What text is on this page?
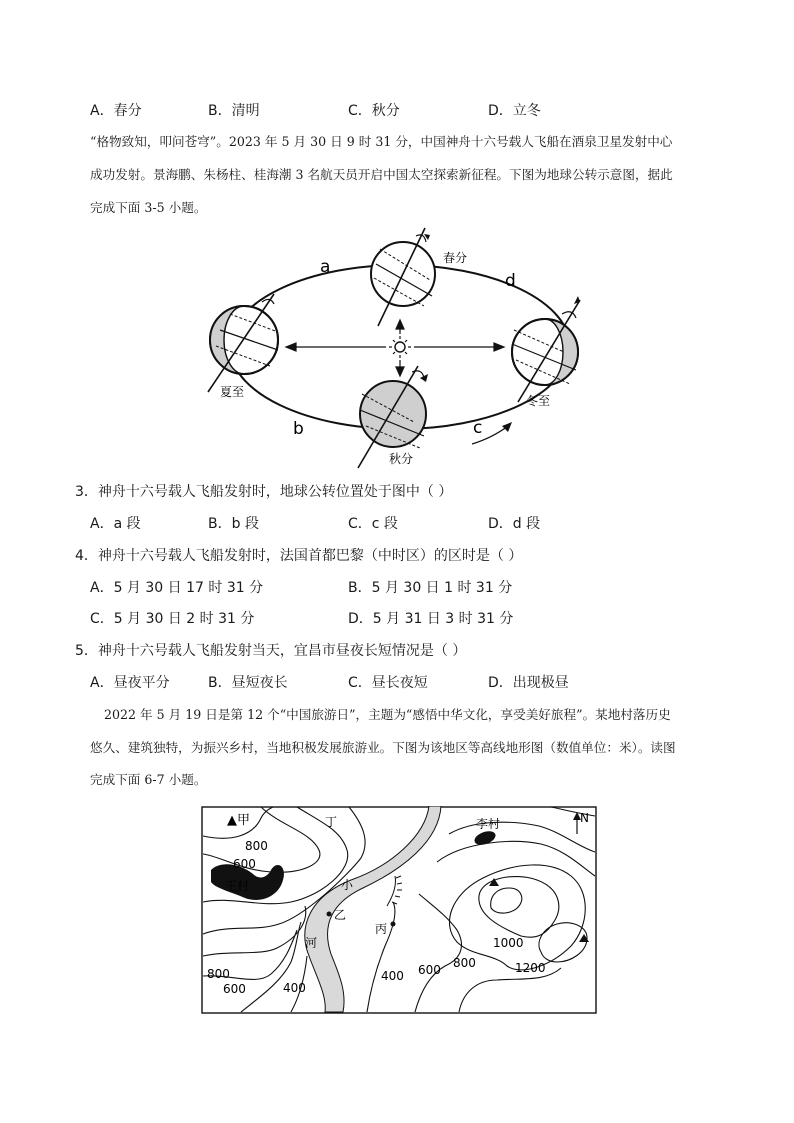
A．春分	B．清明	C．秋分	D．立冬
“格物致知，叩问苍穹”。2023 年 5 月 30 日 9 时 31 分，中国神舟十六号载人飞船在酒泉卫星发射中心
成功发射。景海鹏、朱杨柱、桂海潮 3 名航天员开启中国太空探索新征程。下图为地球公转示意图，据此
完成下面 3-5 小题。
a
b	c
d
春分
夏至
秋分
冬至
3．神舟十六号载人飞船发射时，地球公转位置处于图中（ ）
A．a 段	B．b 段	C．c 段	D．d 段
4．神舟十六号载人飞船发射时，法国首都巴黎（中时区）的区时是（ ）
A．5 月 30 日 17 时 31 分	B．5 月 30 日 1 时 31 分
C．5 月 30 日 2 时 31 分	D．5 月 31 日 3 时 31 分
5．神舟十六号载人飞船发射当天，宜昌市昼夜长短情况是（ ）
A．昼夜平分	B．昼短夜长	C．昼长夜短	D．出现极昼
2022 年 5 月 19 日是第 12 个“中国旅游日”，主题为“感悟中华文化，享受美好旅程”。某地村落历史
悠久、建筑独特，为振兴乡村，当地积极发展旅游业。下图为该地区等高线地形图（数值单位：米）。读图
完成下面 6-7 小题。
▲甲	丁	李村
王村
乙
丙
小
河
N
800
600
800
600	400
400 600 800
1000
1200
